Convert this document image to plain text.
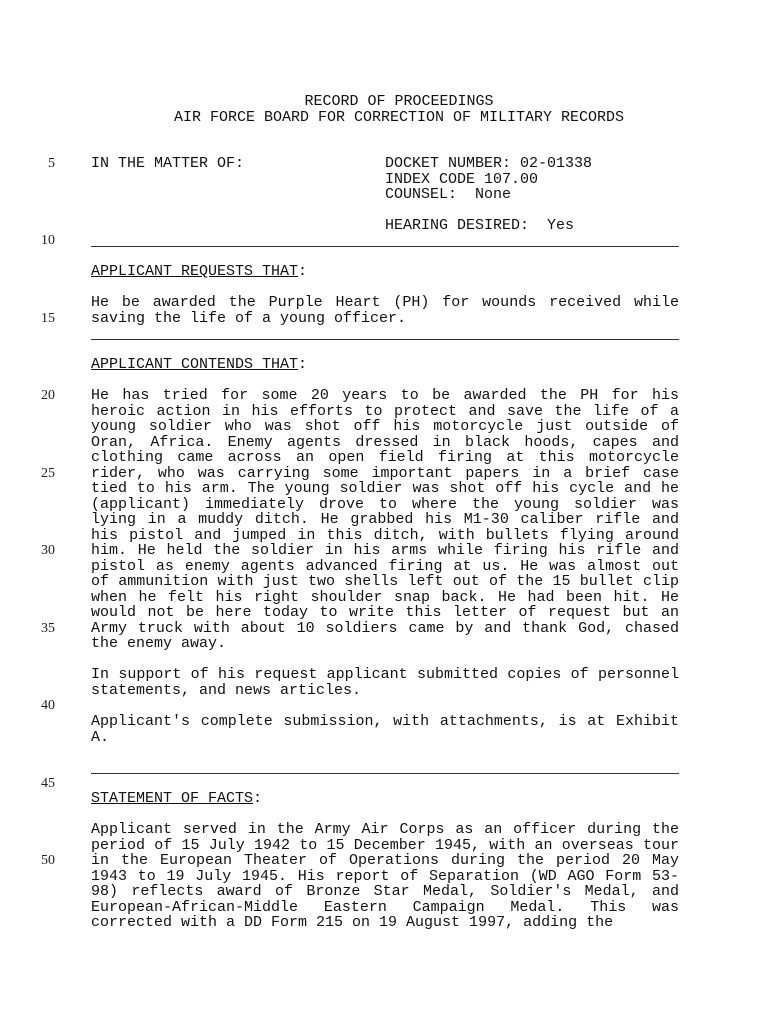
5
10
15
20
25
30
35
40
45
50
RECORD OF PROCEEDINGS
AIR FORCE BOARD FOR CORRECTION OF MILITARY RECORDS
IN THE MATTER OF:	DOCKET NUMBER: 02-01338
INDEX CODE 107.00
COUNSEL:  None
HEARING DESIRED:  Yes
APPLICANT REQUESTS THAT:
He be awarded the Purple Heart (PH) for wounds received while saving the life of a young officer.
APPLICANT CONTENDS THAT:
He has tried for some 20 years to be awarded the PH for his heroic action in his efforts to protect and save the life of a young soldier who was shot off his motorcycle just outside of Oran, Africa. Enemy agents dressed in black hoods, capes and clothing came across an open field firing at this motorcycle rider, who was carrying some important papers in a brief case tied to his arm. The young soldier was shot off his cycle and he (applicant) immediately drove to where the young soldier was lying in a muddy ditch. He grabbed his M1-30 caliber rifle and his pistol and jumped in this ditch, with bullets flying around him. He held the soldier in his arms while firing his rifle and pistol as enemy agents advanced firing at us. He was almost out of ammunition with just two shells left out of the 15 bullet clip when he felt his right shoulder snap back. He had been hit. He would not be here today to write this letter of request but an Army truck with about 10 soldiers came by and thank God, chased the enemy away.
In support of his request applicant submitted copies of personnel statements, and news articles.
Applicant's complete submission, with attachments, is at Exhibit A.
STATEMENT OF FACTS:
Applicant served in the Army Air Corps as an officer during the period of 15 July 1942 to 15 December 1945, with an overseas tour in the European Theater of Operations during the period 20 May 1943 to 19 July 1945. His report of Separation (WD AGO Form 53-98) reflects award of Bronze Star Medal, Soldier's Medal, and European-African-Middle Eastern Campaign Medal. This was corrected with a DD Form 215 on 19 August 1997, adding the
